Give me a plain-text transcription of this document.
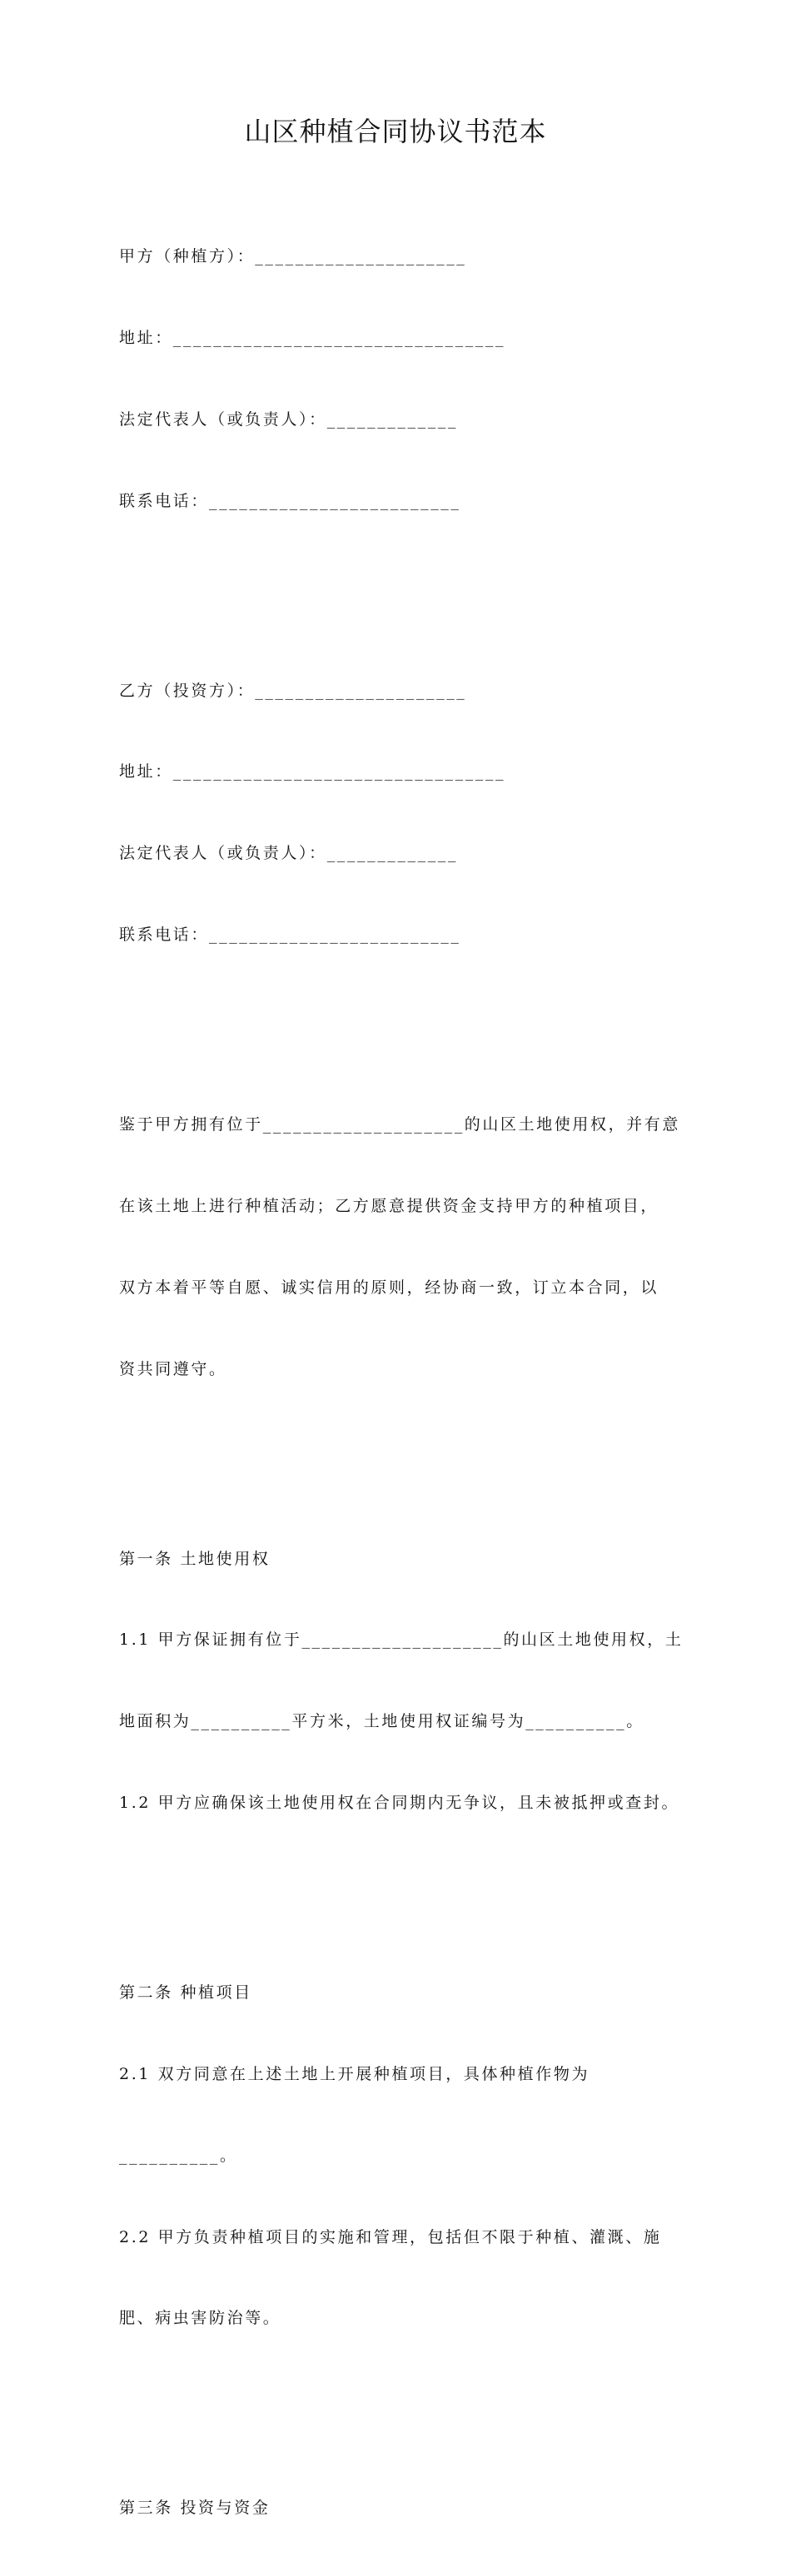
山区种植合同协议书范本

甲方（种植方）：_____________________

地址：_________________________________

法定代表人（或负责人）：_____________

联系电话：_________________________

乙方（投资方）：_____________________

地址：_________________________________

法定代表人（或负责人）：_____________

联系电话：_________________________

鉴于甲方拥有位于____________________的山区土地使用权，并有意

在该土地上进行种植活动；乙方愿意提供资金支持甲方的种植项目，

双方本着平等自愿、诚实信用的原则，经协商一致，订立本合同，以

资共同遵守。

第一条 土地使用权

1.1 甲方保证拥有位于____________________的山区土地使用权，土

地面积为__________平方米，土地使用权证编号为__________。

1.2 甲方应确保该土地使用权在合同期内无争议，且未被抵押或查封。

第二条 种植项目

2.1 双方同意在上述土地上开展种植项目，具体种植作物为

__________。

2.2 甲方负责种植项目的实施和管理，包括但不限于种植、灌溉、施

肥、病虫害防治等。

第三条 投资与资金
